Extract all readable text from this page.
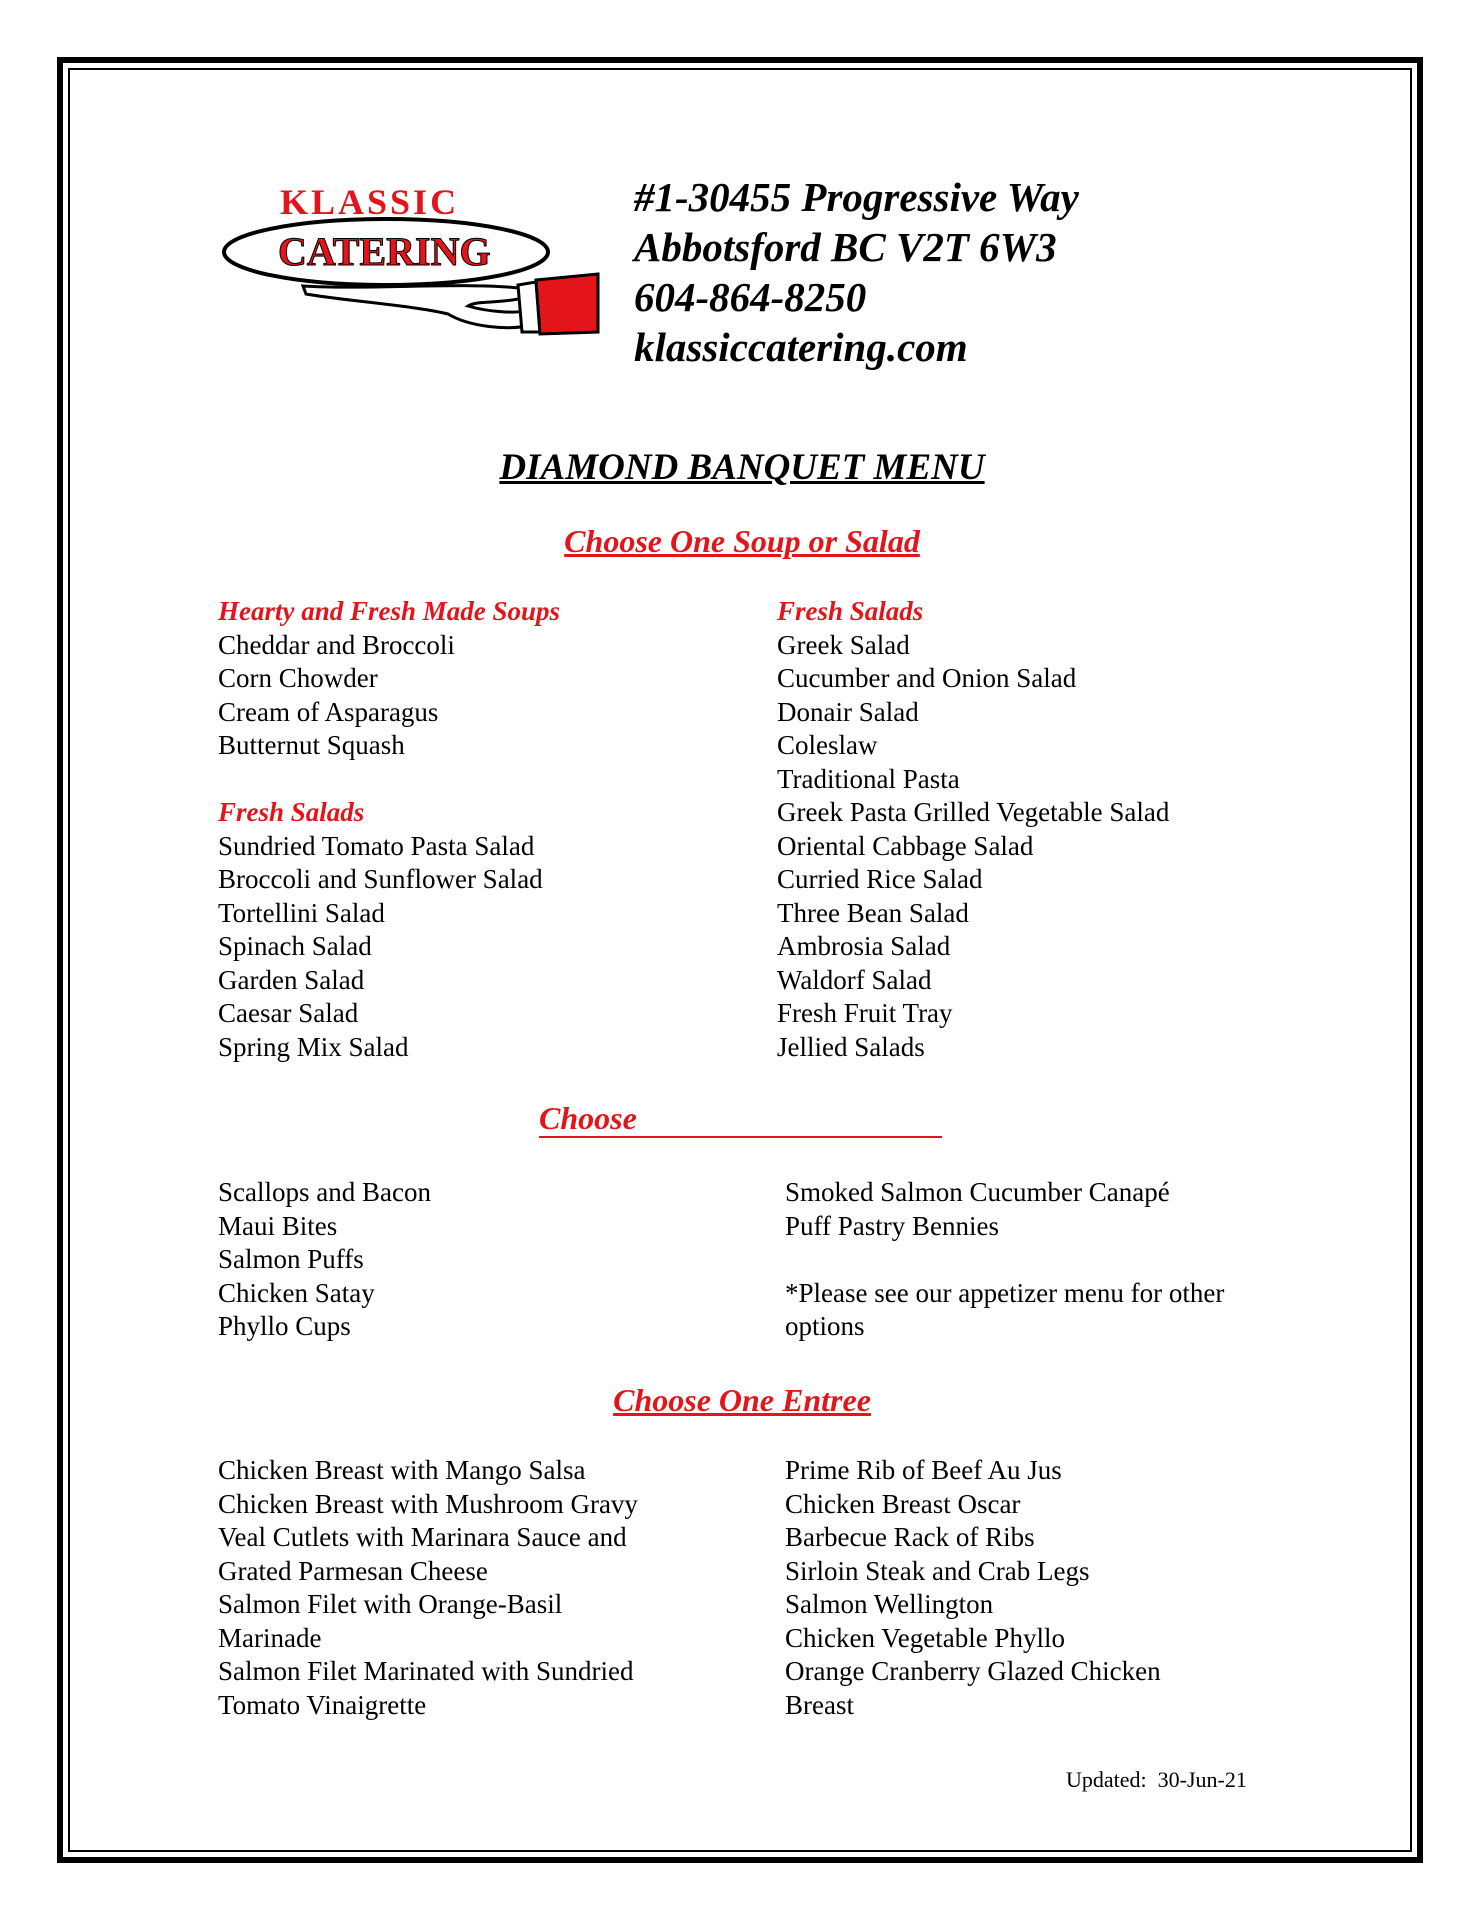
KLASSIC
CATERING
#1-30455 Progressive Way
Abbotsford BC V2T 6W3
604-864-8250
klassiccatering.com
DIAMOND BANQUET MENU
Choose One Soup or Salad
Hearty and Fresh Made Soups
Cheddar and Broccoli
Corn Chowder
Cream of Asparagus
Butternut Squash
Fresh Salads
Sundried Tomato Pasta Salad
Broccoli and Sunflower Salad
Tortellini Salad
Spinach Salad
Garden Salad
Caesar Salad
Spring Mix Salad
Fresh Salads
Greek Salad
Cucumber and Onion Salad
Donair Salad
Coleslaw
Traditional Pasta
Greek Pasta Grilled Vegetable Salad
Oriental Cabbage Salad
Curried Rice Salad
Three Bean Salad
Ambrosia Salad
Waldorf Salad
Fresh Fruit Tray
Jellied Salads
Choose
Scallops and Bacon
Maui Bites
Salmon Puffs
Chicken Satay
Phyllo Cups
Smoked Salmon Cucumber Canapé
Puff Pastry Bennies
*Please see our appetizer menu for other
options
Choose One Entree
Chicken Breast with Mango Salsa
Chicken Breast with Mushroom Gravy
Veal Cutlets with Marinara Sauce and
Grated Parmesan Cheese
Salmon Filet with Orange-Basil
Marinade
Salmon Filet Marinated with Sundried
Tomato Vinaigrette
Prime Rib of Beef Au Jus
Chicken Breast Oscar
Barbecue Rack of Ribs
Sirloin Steak and Crab Legs
Salmon Wellington
Chicken Vegetable Phyllo
Orange Cranberry Glazed Chicken
Breast
Updated:  30-Jun-21
